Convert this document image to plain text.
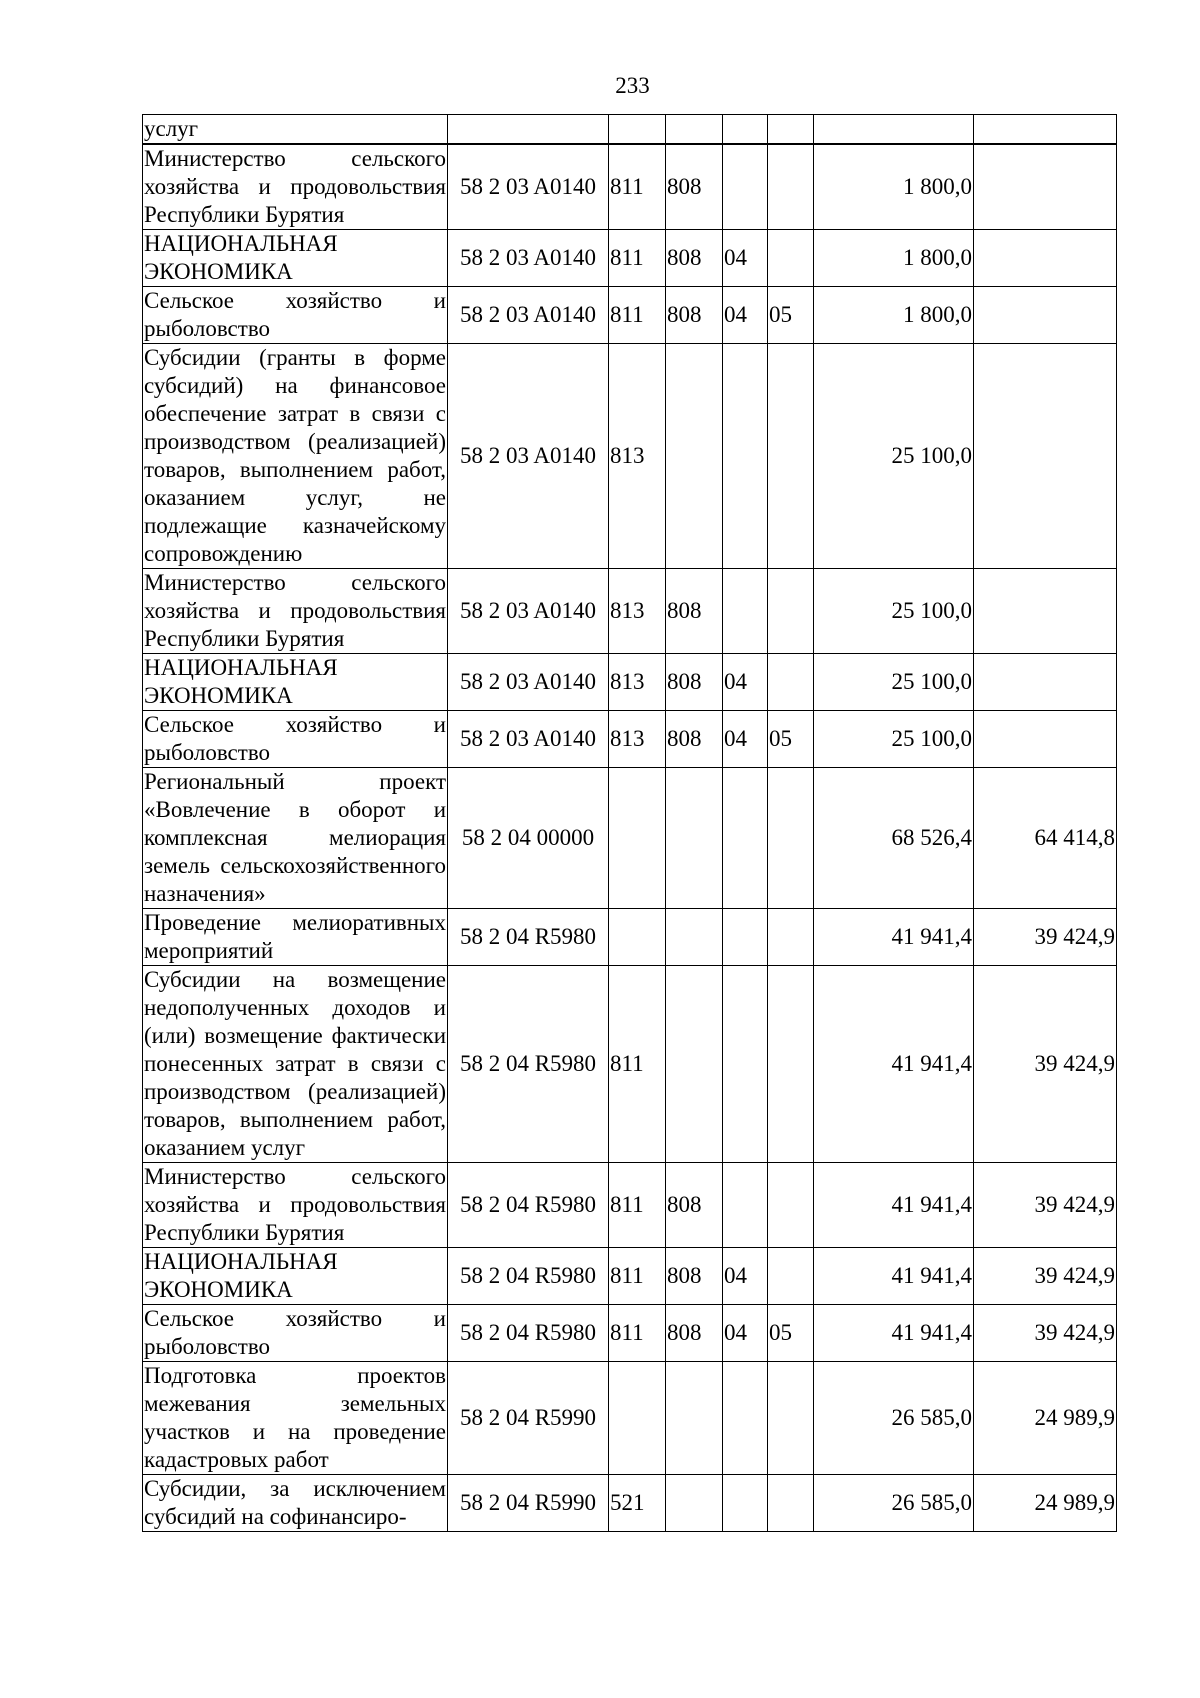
233
услуг							
Министерство сельского хозяйства и продовольствия Республики Бурятия	58 2 03 A0140	811	808			1 800,0	
НАЦИОНАЛЬНАЯ ЭКОНОМИКА	58 2 03 A0140	811	808	04		1 800,0	
Сельское хозяйство и рыболовство	58 2 03 A0140	811	808	04	05	1 800,0	
Субсидии (гранты в форме субсидий) на финансовое обеспечение затрат в связи с производством (реализацией) товаров, выполнением работ, оказанием услуг, не подлежащие казначейскому сопровождению	58 2 03 A0140	813				25 100,0	
Министерство сельского хозяйства и продовольствия Республики Бурятия	58 2 03 A0140	813	808			25 100,0	
НАЦИОНАЛЬНАЯ ЭКОНОМИКА	58 2 03 A0140	813	808	04		25 100,0	
Сельское хозяйство и рыболовство	58 2 03 A0140	813	808	04	05	25 100,0	
Региональный проект «Вовлечение в оборот и комплексная мелиорация земель сельскохозяйственного назначения»	58 2 04 00000					68 526,4	64 414,8
Проведение мелиоративных мероприятий	58 2 04 R5980					41 941,4	39 424,9
Субсидии на возмещение недополученных доходов и (или) возмещение фактически понесенных затрат в связи с производством (реализацией) товаров, выполнением работ, оказанием услуг	58 2 04 R5980	811				41 941,4	39 424,9
Министерство сельского хозяйства и продовольствия Республики Бурятия	58 2 04 R5980	811	808			41 941,4	39 424,9
НАЦИОНАЛЬНАЯ ЭКОНОМИКА	58 2 04 R5980	811	808	04		41 941,4	39 424,9
Сельское хозяйство и рыболовство	58 2 04 R5980	811	808	04	05	41 941,4	39 424,9
Подготовка проектов межевания земельных участков и на проведение кадастровых работ	58 2 04 R5990					26 585,0	24 989,9
Субсидии, за исключением субсидий на софинансиро-	58 2 04 R5990	521				26 585,0	24 989,9
